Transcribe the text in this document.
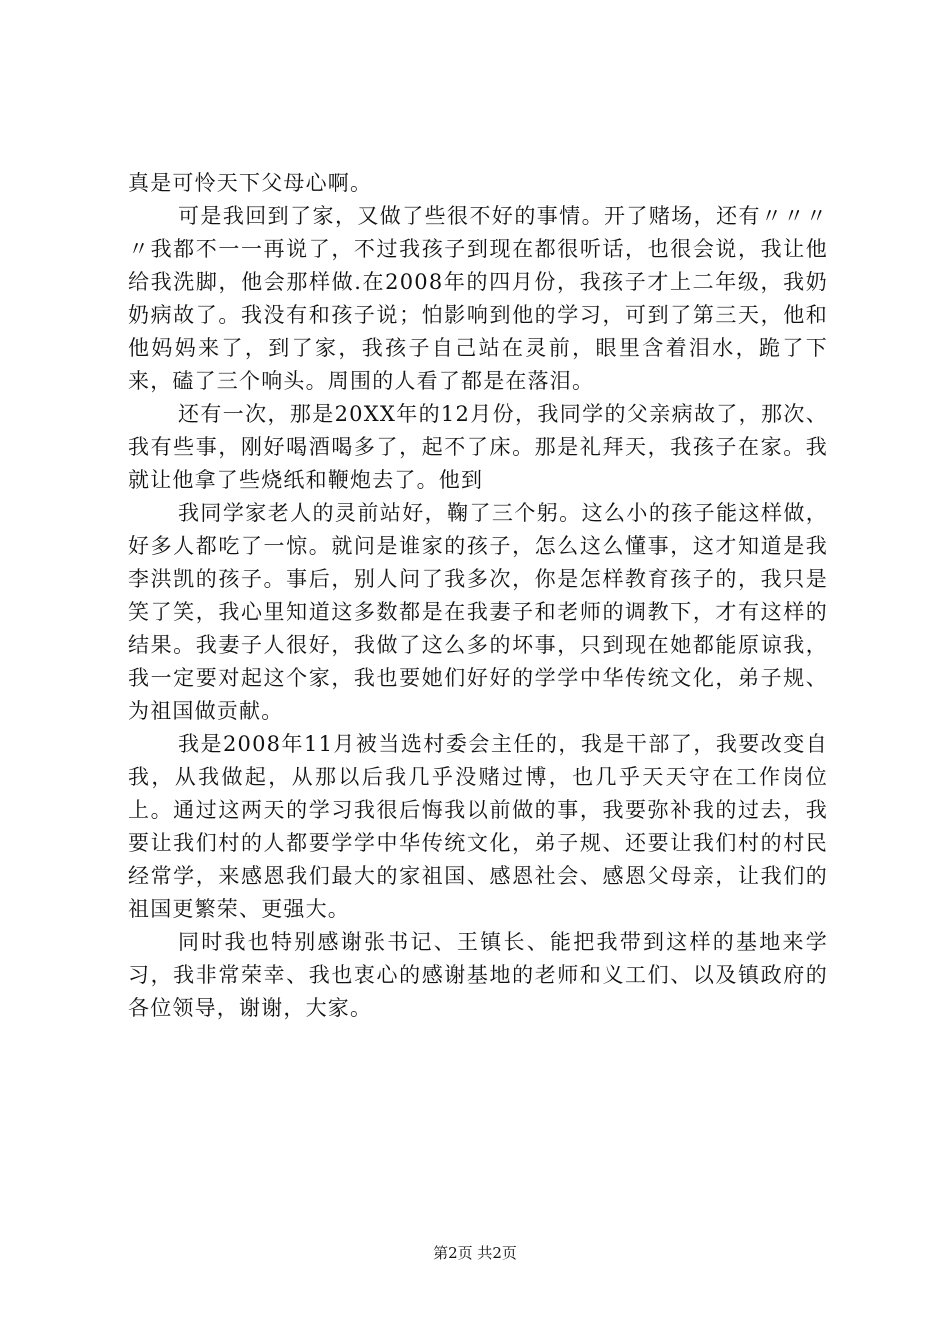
真是可怜天下父母心啊。

可是我回到了家，又做了些很不好的事情。开了赌场，还有〃〃〃〃我都不一一再说了，不过我孩子到现在都很听话，也很会说，我让他给我洗脚，他会那样做.在2008年的四月份，我孩子才上二年级，我奶奶病故了。我没有和孩子说；怕影响到他的学习，可到了第三天，他和他妈妈来了，到了家，我孩子自己站在灵前，眼里含着泪水，跪了下来，磕了三个响头。周围的人看了都是在落泪。

还有一次，那是20XX年的12月份，我同学的父亲病故了，那次、我有些事，刚好喝酒喝多了，起不了床。那是礼拜天，我孩子在家。我就让他拿了些烧纸和鞭炮去了。他到

我同学家老人的灵前站好，鞠了三个躬。这么小的孩子能这样做，好多人都吃了一惊。就问是谁家的孩子，怎么这么懂事，这才知道是我李洪凯的孩子。事后，别人问了我多次，你是怎样教育孩子的，我只是笑了笑，我心里知道这多数都是在我妻子和老师的调教下，才有这样的结果。我妻子人很好，我做了这么多的坏事，只到现在她都能原谅我，我一定要对起这个家，我也要她们好好的学学中华传统文化，弟子规、为祖国做贡献。

我是2008年11月被当选村委会主任的，我是干部了，我要改变自我，从我做起，从那以后我几乎没赌过博，也几乎天天守在工作岗位上。通过这两天的学习我很后悔我以前做的事，我要弥补我的过去，我要让我们村的人都要学学中华传统文化，弟子规、还要让我们村的村民经常学，来感恩我们最大的家祖国、感恩社会、感恩父母亲，让我们的祖国更繁荣、更强大。

同时我也特别感谢张书记、王镇长、能把我带到这样的基地来学习，我非常荣幸、我也衷心的感谢基地的老师和义工们、以及镇政府的各位领导，谢谢，大家。

第2页 共2页
